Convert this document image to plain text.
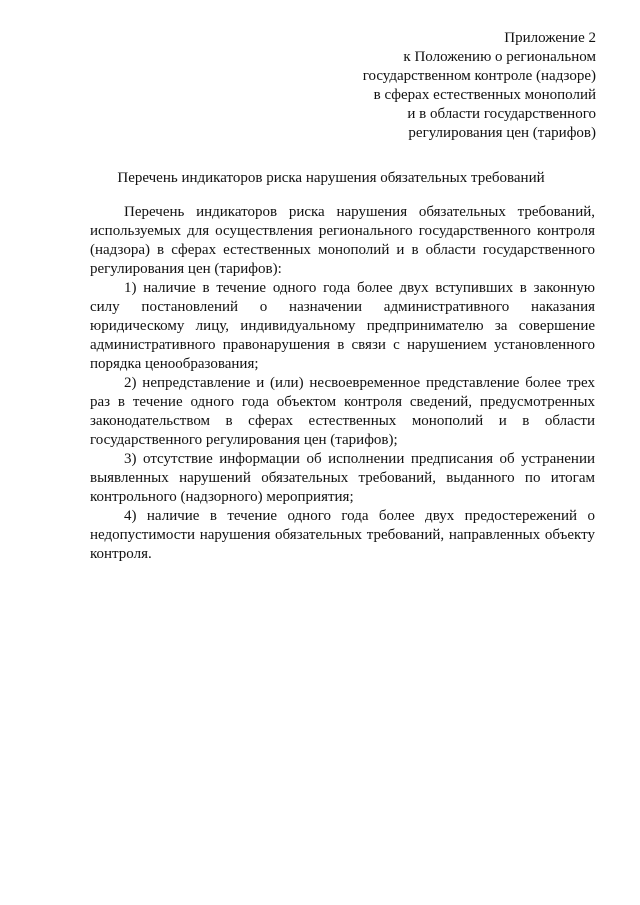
Приложение 2
к Положению о региональном
государственном контроле (надзоре)
в сферах естественных монополий
и в области государственного
регулирования цен (тарифов)
Перечень индикаторов риска нарушения обязательных требований

Перечень индикаторов риска нарушения обязательных требований, используемых для осуществления регионального государственного контроля (надзора) в сферах естественных монополий и в области государственного регулирования цен (тарифов):

1) наличие в течение одного года более двух вступивших в законную силу постановлений о назначении административного наказания юридическому лицу, индивидуальному предпринимателю за совершение административного правонарушения в связи с нарушением установленного порядка ценообразования;

2) непредставление и (или) несвоевременное представление более трех раз в течение одного года объектом контроля сведений, предусмотренных законодательством в сферах естественных монополий и в области государственного регулирования цен (тарифов);

3) отсутствие информации об исполнении предписания об устранении выявленных нарушений обязательных требований, выданного по итогам контрольного (надзорного) мероприятия;

4) наличие в течение одного года более двух предостережений о недопустимости нарушения обязательных требований, направленных объекту контроля.
